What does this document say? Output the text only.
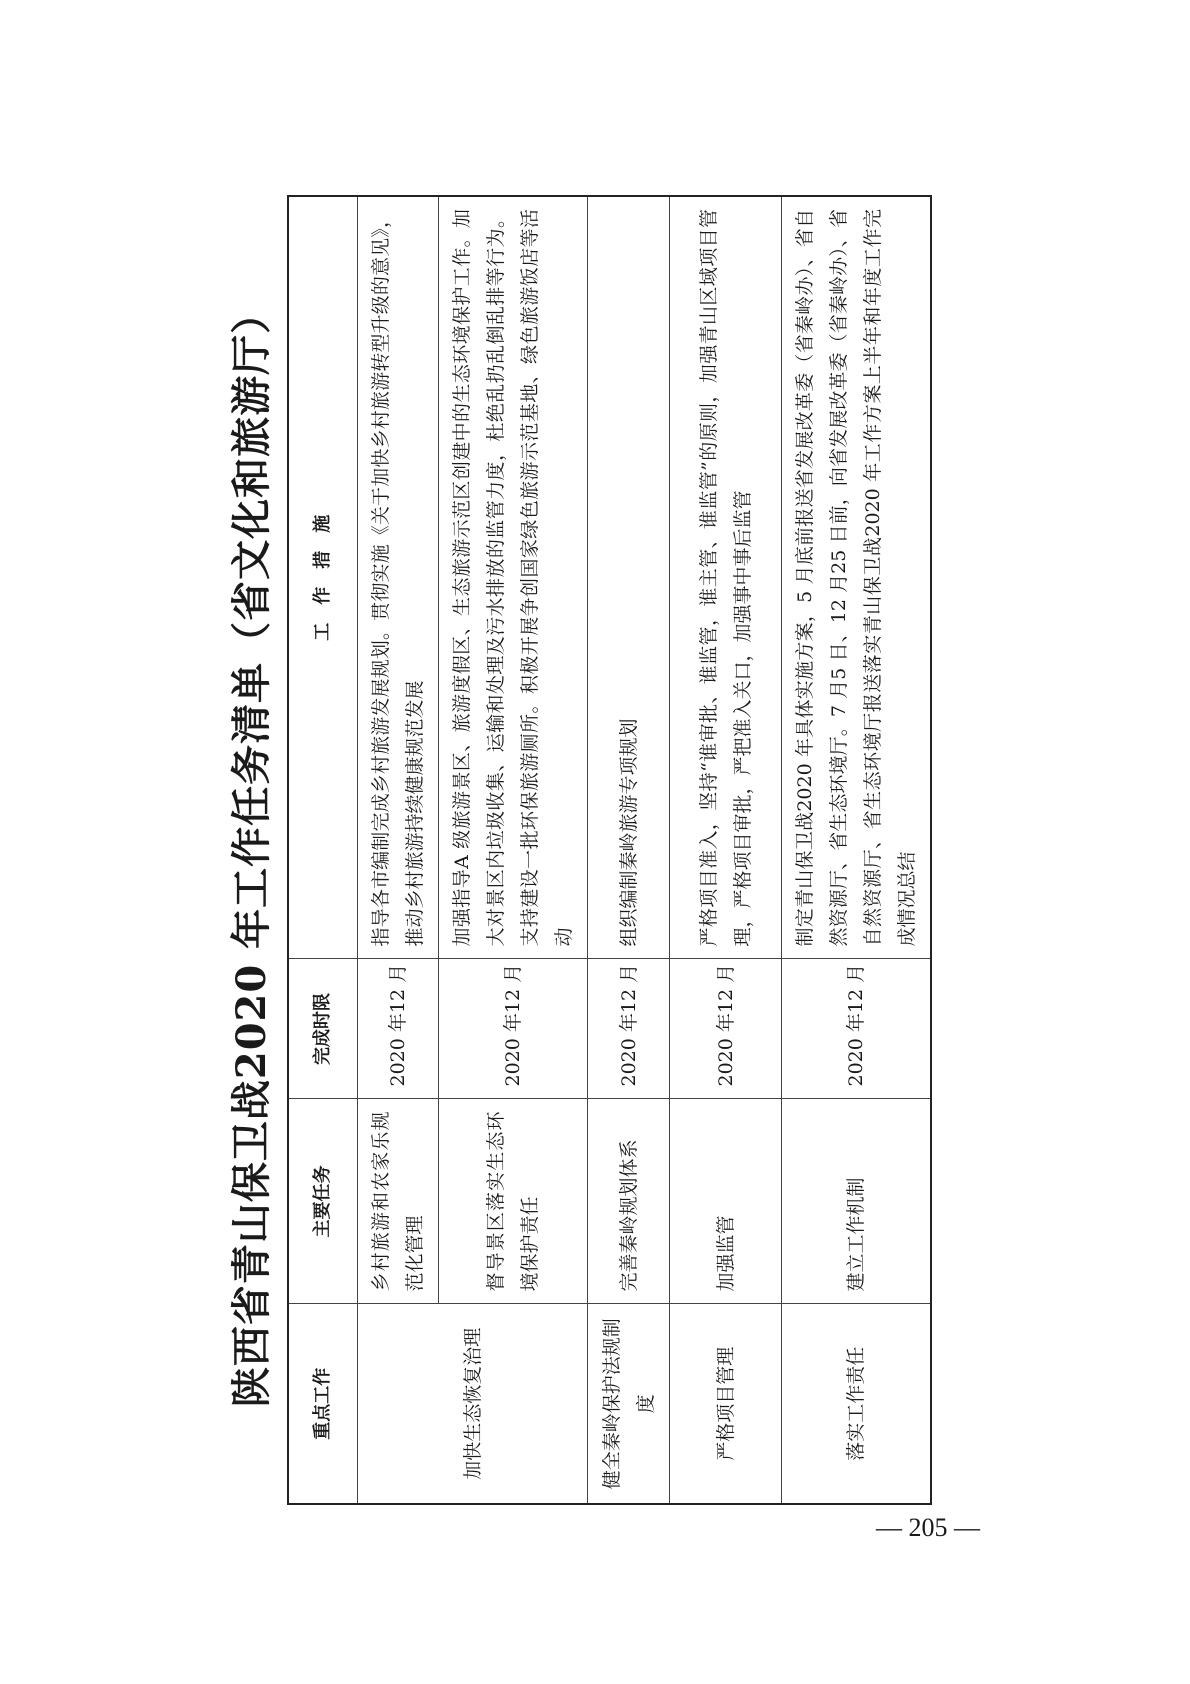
陕西省青山保卫战2020 年工作任务清单（省文化和旅游厅）	重点工作	主要任务	完成时限	工　作　措　施
加快生态恢复治理	乡村旅游和农家乐规范化管理	2020 年12 月	指导各市编制完成乡村旅游发展规划。贯彻实施《关于加快乡村旅游转型升级的意见》，推动乡村旅游持续健康规范发展
	督导景区落实生态环境保护责任	2020 年12 月	加强指导A 级旅游景区、旅游度假区、生态旅游示范区创建中的生态环境保护工作。加大对景区内垃圾收集、运输和处理及污水排放的监管力度，杜绝乱扔乱倒乱排等行为。支持建设一批环保旅游厕所。积极开展争创国家绿色旅游示范基地、绿色旅游饭店等活动
健全秦岭保护法规制度	完善秦岭规划体系	2020 年12 月	组织编制秦岭旅游专项规划
严格项目管理	加强监管	2020 年12 月	严格项目准入，坚持“谁审批、谁监管，谁主管、谁监管”的原则，加强青山区域项目管理，严格项目审批，严把准入关口，加强事中事后监管
落实工作责任	建立工作机制	2020 年12 月	制定青山保卫战2020 年具体实施方案，5 月底前报送省发展改革委（省秦岭办）、省自然资源厅、省生态环境厅。7 月5 日、12 月25 日前，向省发展改革委（省秦岭办）、省自然资源厅、省生态环境厅报送落实青山保卫战2020 年工作方案上半年和年度工作完成情况总结
— 205 —
